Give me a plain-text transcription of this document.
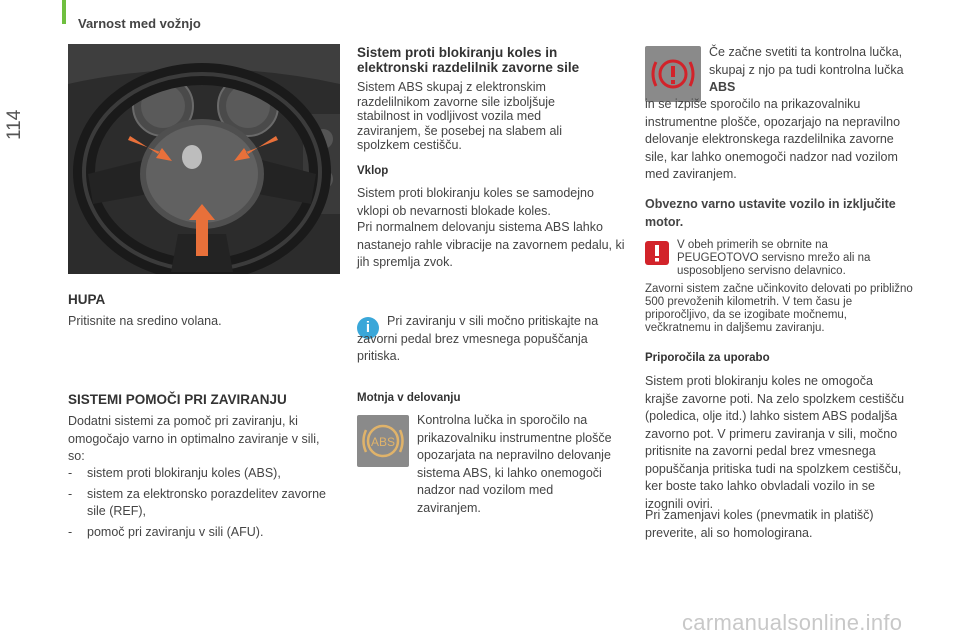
Varnost med vožnjo
114
HUPA

Pritisnite na sredino volana.

SISTEMI POMOČI PRI ZAVIRANJU

Dodatni sistemi za pomoč pri zaviranju, ki omogočajo varno in optimalno zaviranje v sili, so:

- sistem proti blokiranju koles (ABS),
- sistem za elektronsko porazdelitev zavorne sile (REF),
- pomoč pri zaviranju v sili (AFU).
Sistem proti blokiranju koles in elektronski razdelilnik zavorne sile

Sistem ABS skupaj z elektronskim razdelilnikom zavorne sile izboljšuje stabilnost in vodljivost vozila med zaviranjem, še posebej na slabem ali spolzkem cestišču.

Vklop

Sistem proti blokiranju koles se samodejno vklopi ob nevarnosti blokade koles.

Pri normalnem delovanju sistema ABS lahko nastanejo rahle vibracije na zavornem pedalu, ki jih spremlja zvok.

i	Pri zaviranju v sili močno pritiskajte na zavorni pedal brez vmesnega popuščanja pritiska.

Motnja v delovanju
ABS

Kontrolna lučka in sporočilo na prikazovalniku instrumentne plošče opozarjata na nepravilno delovanje sistema ABS, ki lahko onemogoči nadzor nad vozilom med zaviranjem.

Če začne svetiti ta kontrolna lučka, skupaj z njo pa tudi kontrolna lučka ABS

in se izpiše sporočilo na prikazovalniku instrumentne plošče, opozarjajo na nepravilno delovanje elektronskega razdelilnika zavorne sile, kar lahko onemogoči nadzor nad vozilom med zaviranjem.

Obvezno varno ustavite vozilo in izključite motor.

V obeh primerih se obrnite na PEUGEOTOVO servisno mrežo ali na usposobljeno servisno delavnico.

Zavorni sistem začne učinkovito delovati po približno 500 prevoženih kilometrih. V tem času je priporočljivo, da se izogibate močnemu, večkratnemu in daljšemu zaviranju.

Priporočila za uporabo

Sistem proti blokiranju koles ne omogoča krajše zavorne poti. Na zelo spolzkem cestišču (poledica, olje itd.) lahko sistem ABS podaljša zavorno pot. V primeru zaviranja v sili, močno pritisnite na zavorni pedal brez vmesnega popuščanja pritiska tudi na spolzkem cestišču, ker boste tako lahko obvladali vozilo in se izognili oviri.

Pri zamenjavi koles (pnevmatik in platišč) preverite, ali so homologirana.

carmanualsonline.info
